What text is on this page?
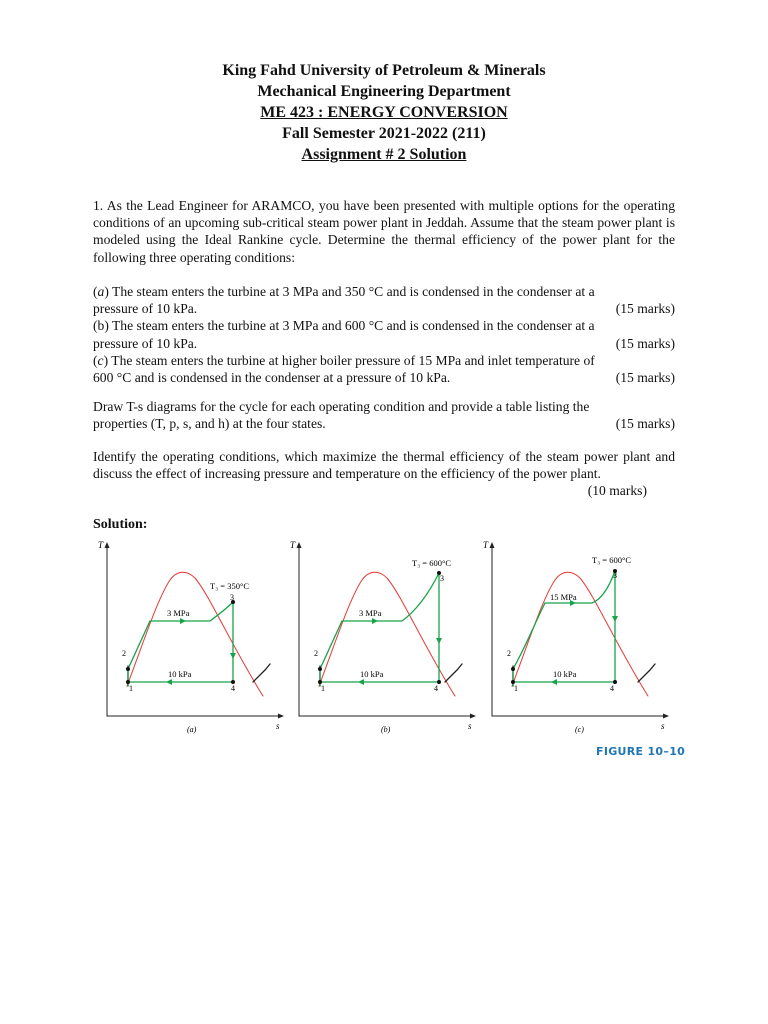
King Fahd University of Petroleum & Minerals
Mechanical Engineering Department
ME 423 : ENERGY CONVERSION
Fall Semester 2021-2022 (211)
Assignment # 2 Solution

1. As the Lead Engineer for ARAMCO, you have been presented with multiple options for the operating conditions of an upcoming sub-critical steam power plant in Jeddah. Assume that the steam power plant is modeled using the Ideal Rankine cycle. Determine the thermal efficiency of the power plant for the following three operating conditions:

(a) The steam enters the turbine at 3 MPa and 350 °C and is condensed in the condenser at a
pressure of 10 kPa.	(15 marks)
(b) The steam enters the turbine at 3 MPa and 600 °C and is condensed in the condenser at a
pressure of 10 kPa.	(15 marks)
(c) The steam enters the turbine at higher boiler pressure of 15 MPa and inlet temperature of
600 °C and is condensed in the condenser at a pressure of 10 kPa.	(15 marks)
Draw T-s diagrams for the cycle for each operating condition and provide a table listing the
properties (T, p, s, and h) at the four states.	(15 marks)

Identify the operating conditions, which maximize the thermal efficiency of the steam power plant and discuss the effect of increasing pressure and temperature on the efficiency of the power plant.

(10 marks)
Solution:
T
s
T₃ = 350°C
3 MPa
10 kPa
1
2
3
4
(a)
T
s
T₃ = 600°C
3 MPa
10 kPa
1
2
3
4
(b)
T
s
T₃ = 600°C
15 MPa
10 kPa
1
2
3
4
(c)
FIGURE 10–10
